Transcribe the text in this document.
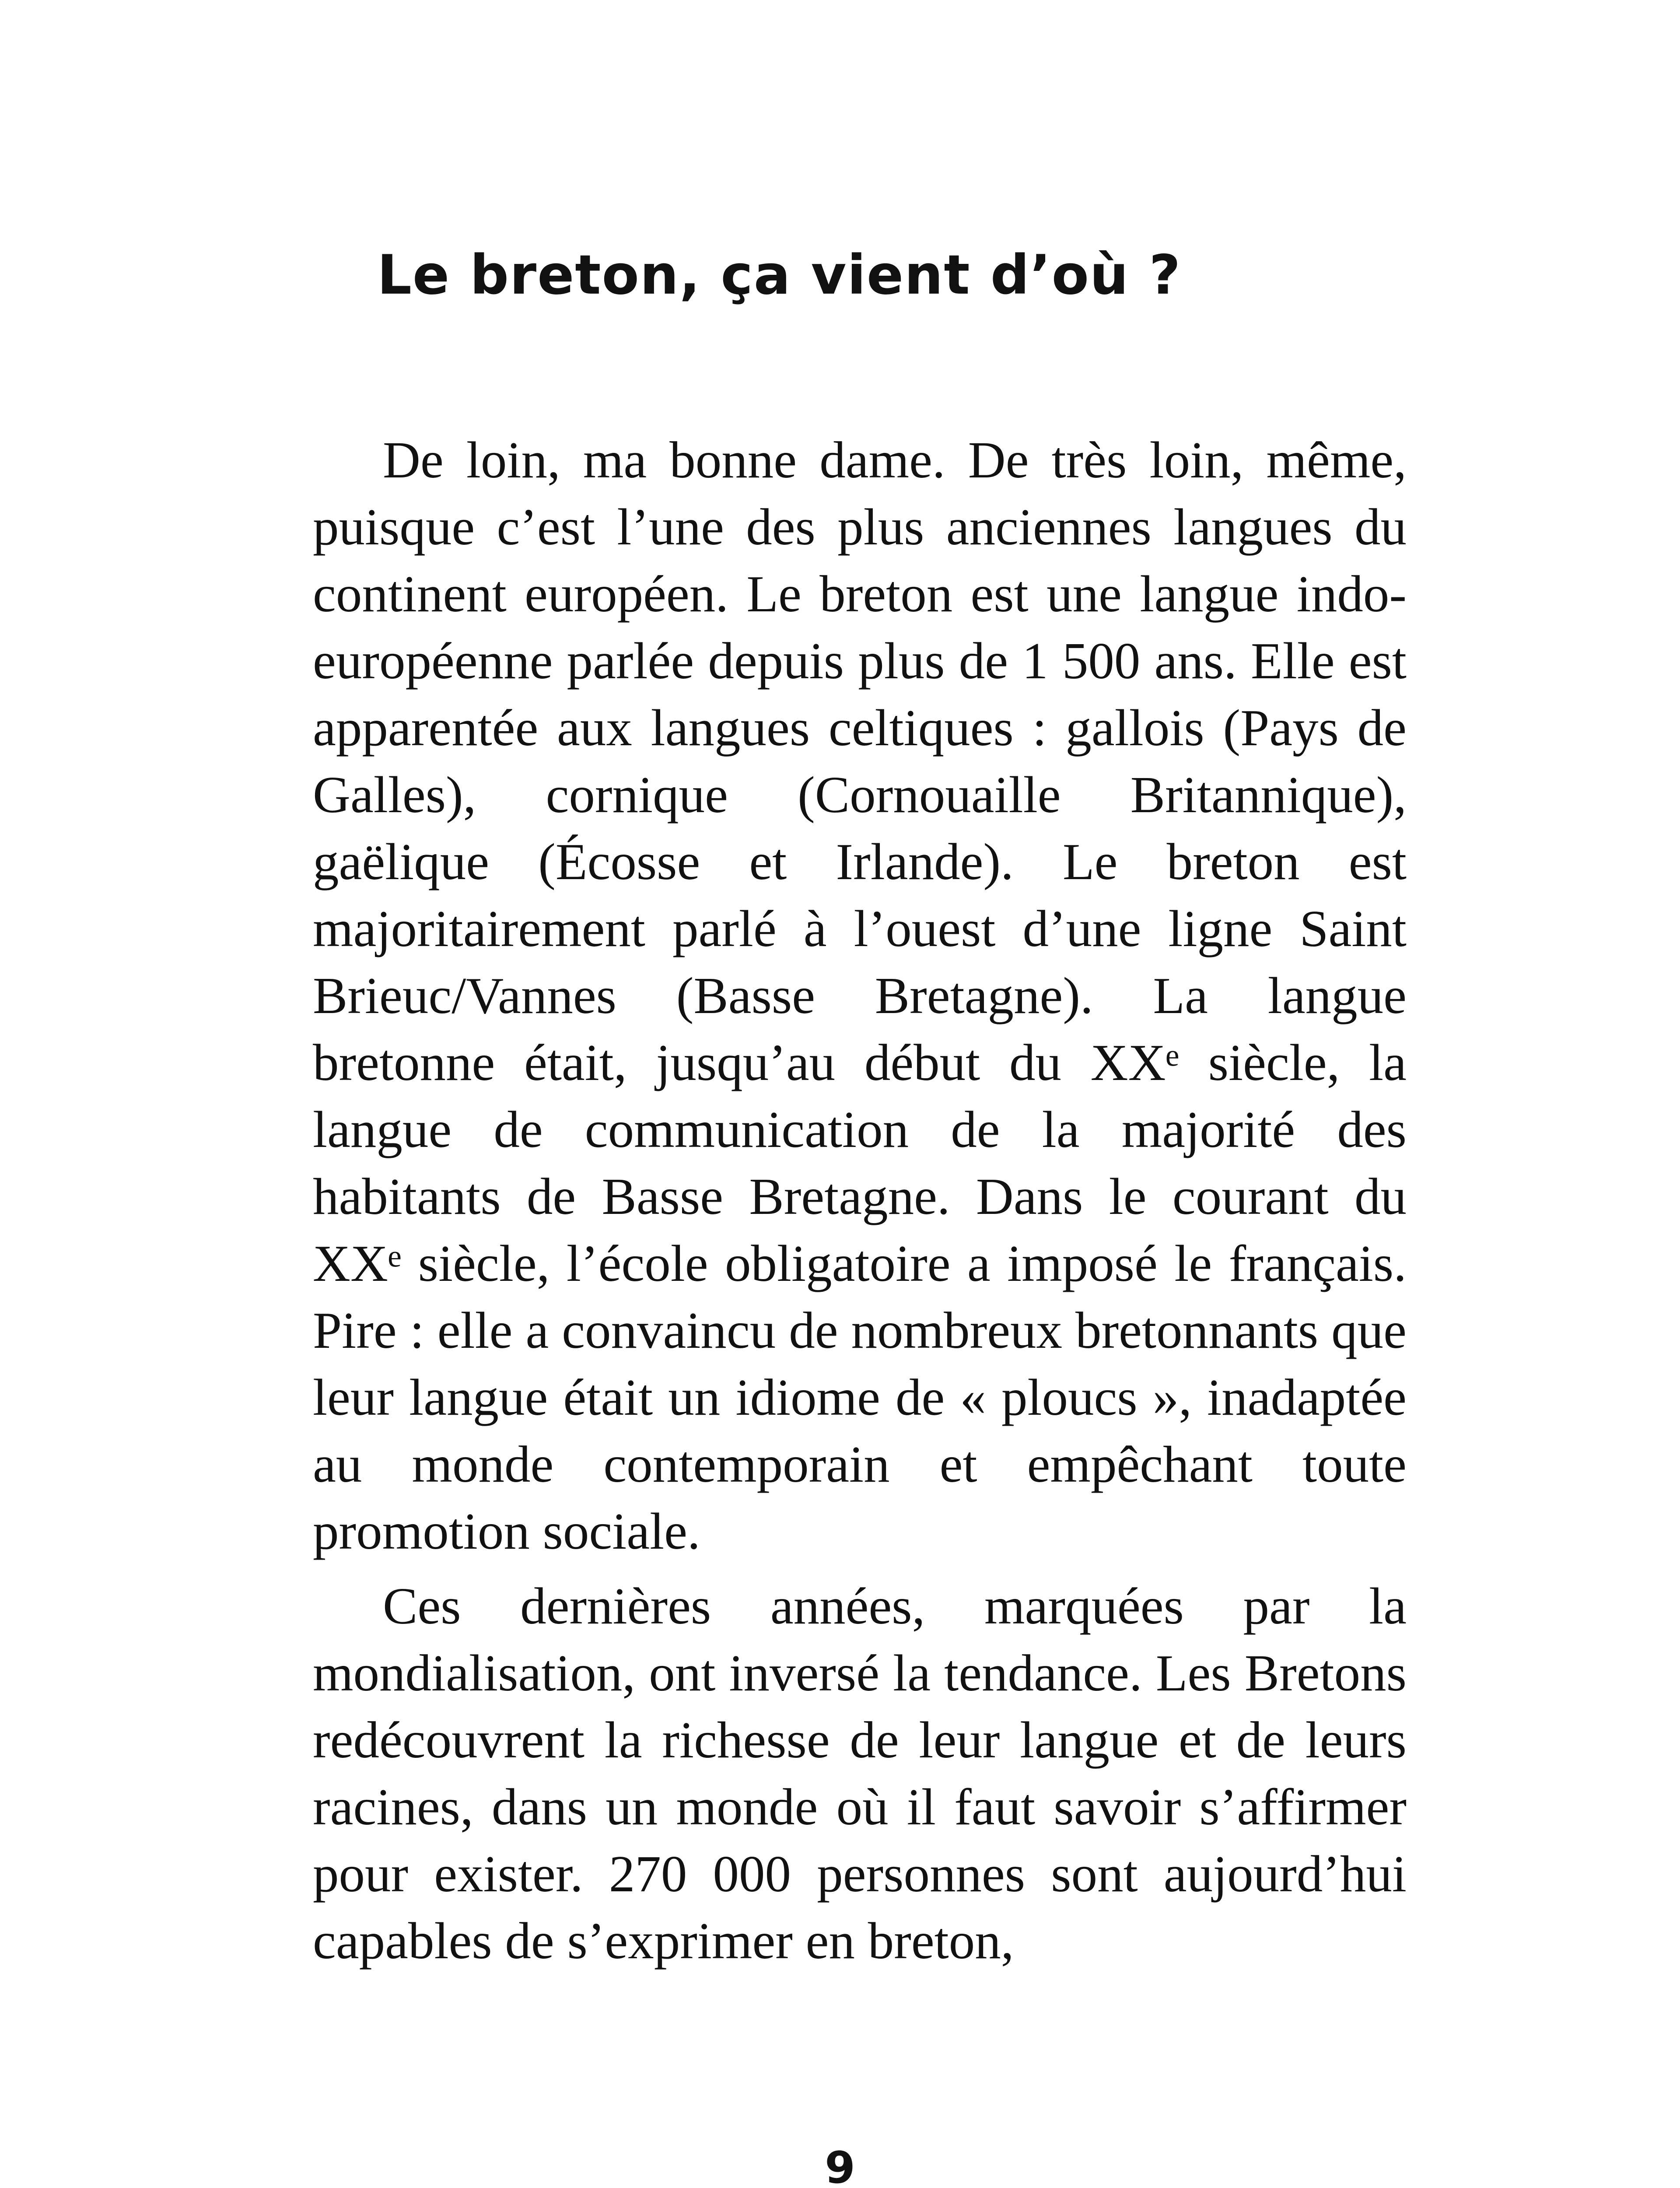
Le breton, ça vient d’où ?

De loin, ma bonne dame. De très loin, même, puisque c’est l’une des plus anciennes langues du continent européen. Le breton est une langue indo-européenne parlée depuis plus de 1 500 ans. Elle est apparentée aux langues celtiques : gallois (Pays de Galles), cornique (Cornouaille Britannique), gaëlique (Écosse et Irlande). Le breton est majoritairement parlé à l’ouest d’une ligne Saint Brieuc/Vannes (Basse Bretagne). La langue bretonne était, jusqu’au début du XXᵉ siècle, la langue de communication de la majorité des habitants de Basse Bretagne. Dans le courant du XXᵉ siècle, l’école obligatoire a imposé le français. Pire : elle a convaincu de nombreux bretonnants que leur langue était un idiome de « ploucs », inadaptée au monde contemporain et empêchant toute promotion sociale.

Ces dernières années, marquées par la mondialisation, ont inversé la tendance. Les Bretons redécouvrent la richesse de leur langue et de leurs racines, dans un monde où il faut savoir s’affirmer pour exister. 270 000 personnes sont aujourd’hui capables de s’exprimer en breton,

9
